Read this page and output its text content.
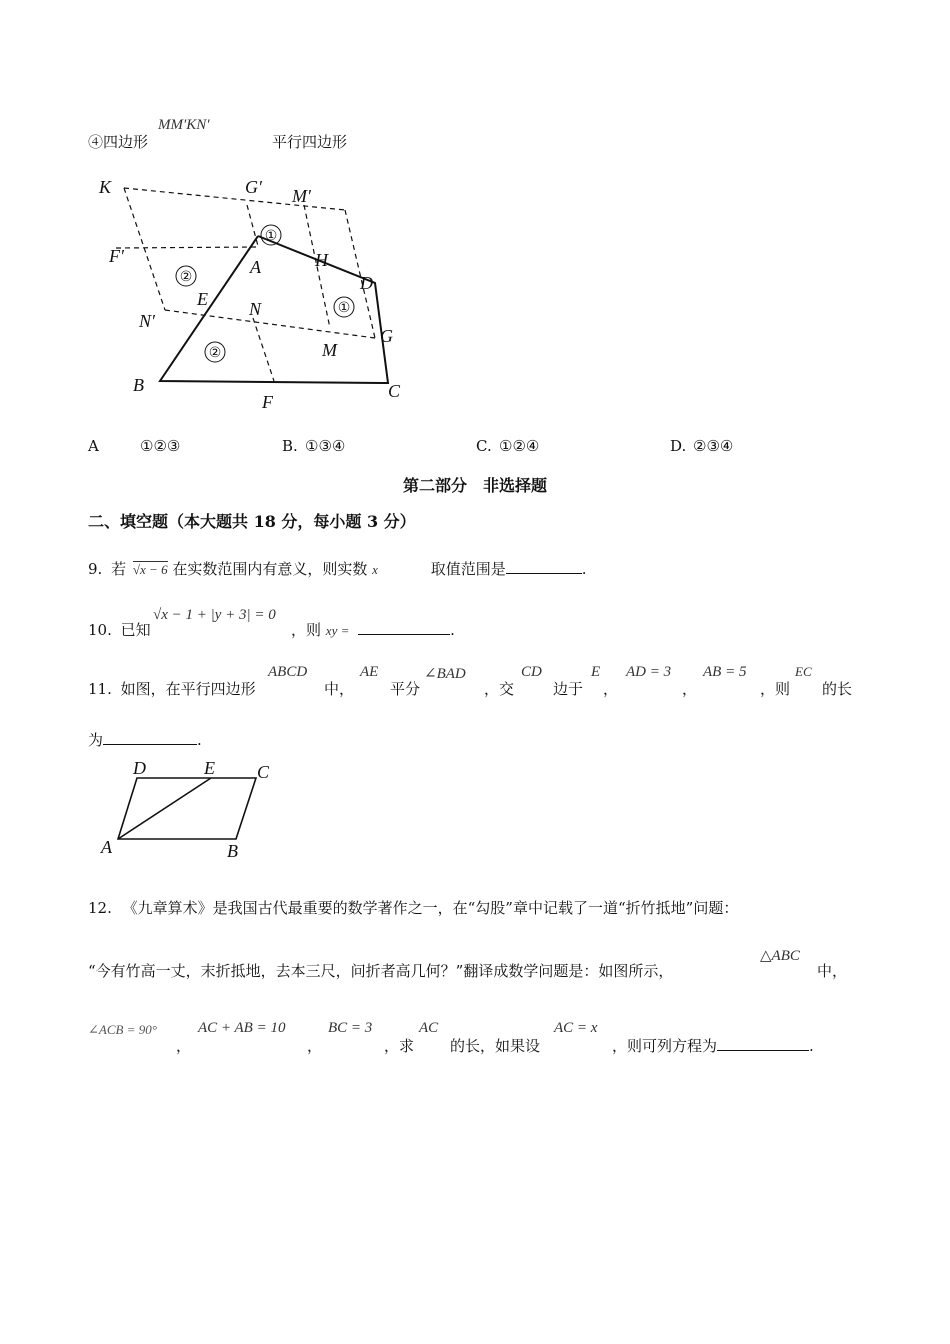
④四边形
MM′KN′
平行四边形
①
②
①
②
K	G′ M′
F′
A	H
D
E
N′
N
G
M
B
F
C
A	①②③	B. ①③④	C. ①②④	D. ②③④
第二部分　非选择题
二、填空题（本大题共 18 分，每小题 3 分）
9. 若 √x − 6 在实数范围内有意义，则实数 x	取值范围是	.
10. 已知
√x − 1 + |y + 3| = 0
，则 xy =	.
11. 如图，在平行四边形
ABCD
中，
AE
平分
∠BAD
，交
CD
边于
E
，
AD = 3
，
AB = 5
，则
EC
的长
为	.
D	E C
A	B
12. 《九章算术》是我国古代最重要的数学著作之一，在“勾股”章中记载了一道“折竹抵地”问题：
“今有竹高一丈，末折抵地，去本三尺，问折者高几何？”翻译成数学问题是：如图所示，
△ABC
中，
∠ACB = 90°
，
AC + AB = 10
，
BC = 3
，求
AC
的长，如果设
AC = x
，则可列方程为	.
